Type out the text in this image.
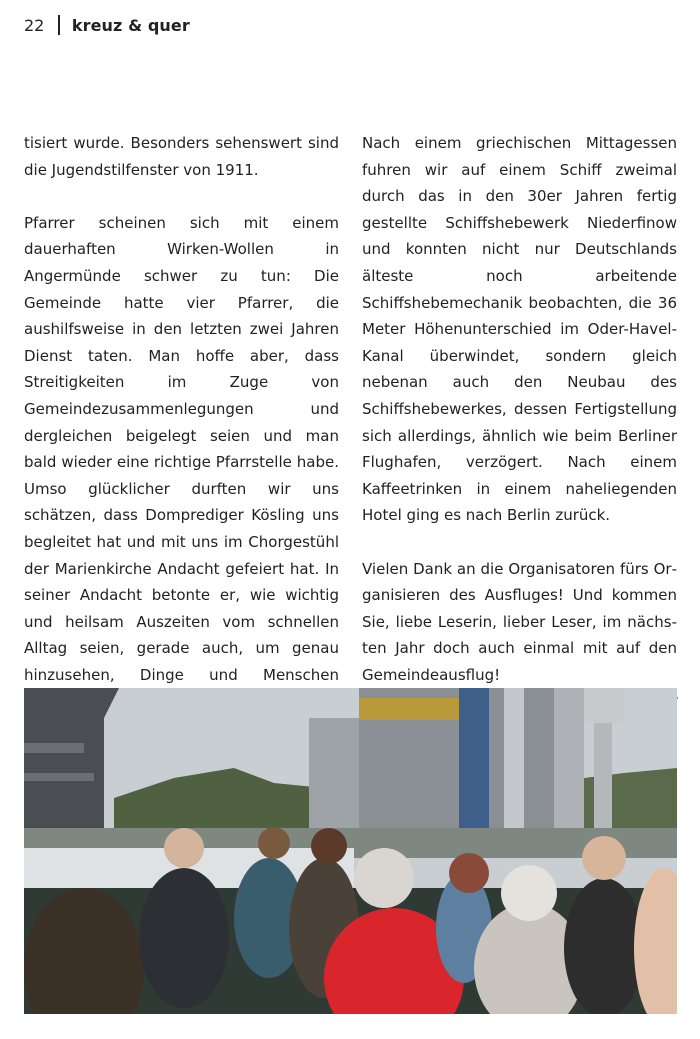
22 kreuz & quer

tisiert wurde. Besonders sehenswert sind die Jugendstilfenster von 1911.

Pfarrer scheinen sich mit einem dauerhaften Wirken-Wollen in Angermünde schwer zu tun: Die Gemeinde hatte vier Pfarrer, die aushilfsweise in den letzten zwei Jahren Dienst taten. Man hoffe aber, dass Streitigkeiten im Zuge von Gemeindezusammenlegungen und dergleichen beigelegt seien und man bald wieder eine richtige Pfarrstelle habe. Umso glücklicher durften wir uns schätzen, dass Domprediger Kösling uns begleitet hat und mit uns im Chorgestühl der Marienkirche Andacht gefeiert hat. In seiner Andacht betonte er, wie wichtig und heilsam Auszeiten vom schnellen Alltag seien, gerade auch, um genau hinzusehen, Dinge und Menschen

Nach einem griechischen Mittagessen fuhren wir auf einem Schiff zweimal durch das in den 30er Jahren fertig gestellte Schiffshebewerk Niederfinow und konnten nicht nur Deutschlands älteste noch arbeitende Schiffshebemechanik beobachten, die 36 Meter Höhenunterschied im Oder-Havel-Kanal überwindet, sondern gleich nebenan auch den Neubau des Schiffshebewerkes, dessen Fertigstellung sich allerdings, ähnlich wie beim Berliner Flughafen, verzögert. Nach einem Kaffeetrinken in einem naheliegenden Hotel ging es nach Berlin zurück.

Vielen Dank an die Organisatoren fürs Organisieren des Ausfluges! Und kommen Sie, liebe Leserin, lieber Leser, im nächsten Jahr doch auch einmal mit auf den Gemeindeausflug!
